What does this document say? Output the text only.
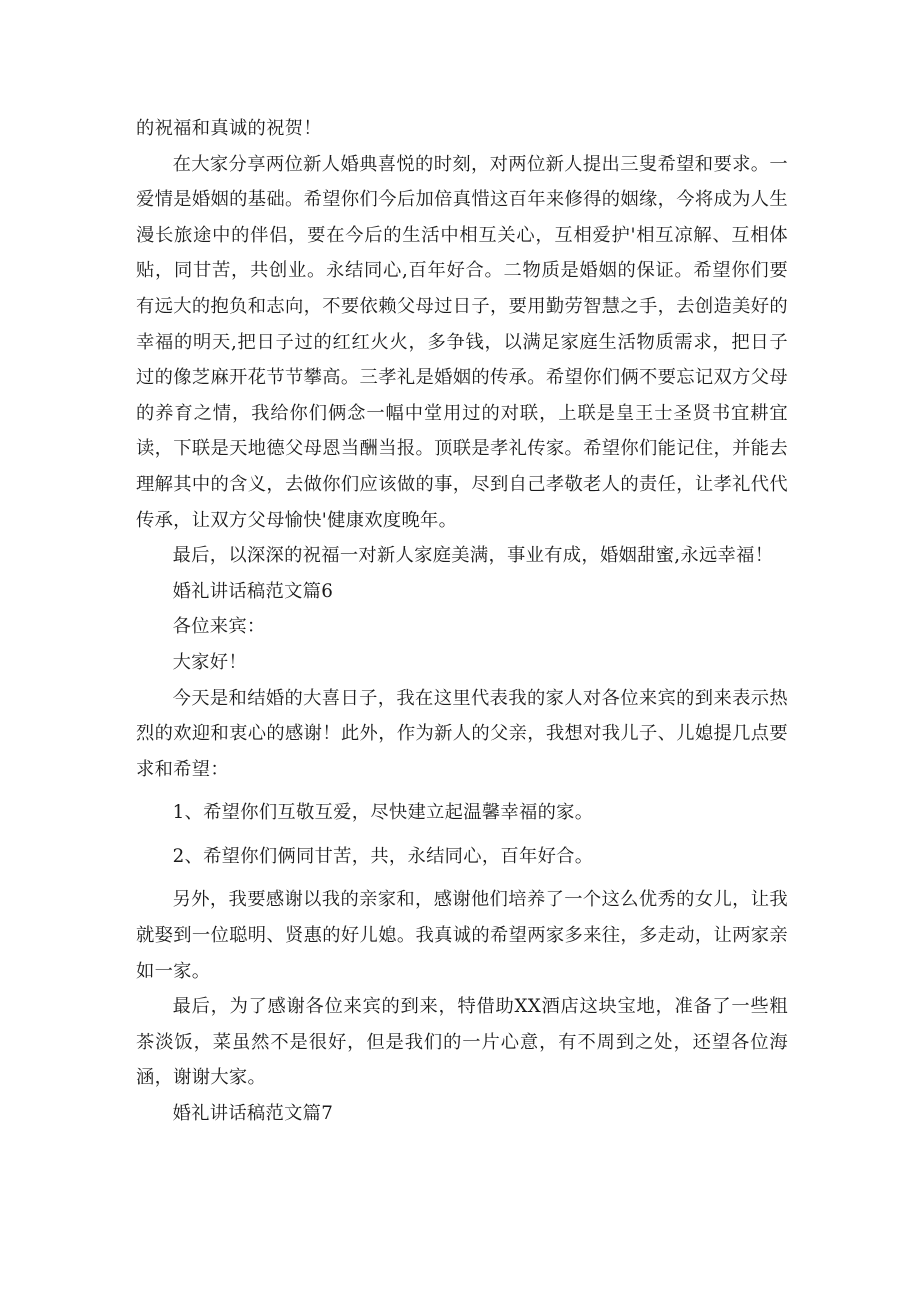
的祝福和真诚的祝贺！

在大家分享两位新人婚典喜悦的时刻，对两位新人提出三叟希望和要求。一爱情是婚姻的基础。希望你们今后加倍真惜这百年来修得的姻缘，今将成为人生漫长旅途中的伴侣，要在今后的生活中相互关心，互相爱护'相互凉解、互相体贴，同甘苦，共创业。永结同心,百年好合。二物质是婚姻的保证。希望你们要有远大的抱负和志向，不要依赖父母过日子，要用勤劳智慧之手，去创造美好的幸福的明天,把日子过的红红火火，多争钱，以满足家庭生活物质需求，把日子过的像芝麻开花节节攀高。三孝礼是婚姻的传承。希望你们俩不要忘记双方父母的养育之情，我给你们俩念一幅中堂用过的对联，上联是皇王士圣贤书宜耕宜读，下联是天地德父母恩当酬当报。顶联是孝礼传家。希望你们能记住，并能去理解其中的含义，去做你们应该做的事，尽到自己孝敬老人的责任，让孝礼代代传承，让双方父母愉快'健康欢度晚年。

最后，以深深的祝福一对新人家庭美满，事业有成，婚姻甜蜜,永远幸福！

婚礼讲话稿范文篇6

各位来宾：

大家好！

今天是和结婚的大喜日子，我在这里代表我的家人对各位来宾的到来表示热烈的欢迎和衷心的感谢！此外，作为新人的父亲，我想对我儿子、儿媳提几点要求和希望：

1、希望你们互敬互爱，尽快建立起温馨幸福的家。

2、希望你们俩同甘苦，共，永结同心，百年好合。

另外，我要感谢以我的亲家和，感谢他们培养了一个这么优秀的女儿，让我就娶到一位聪明、贤惠的好儿媳。我真诚的希望两家多来往，多走动，让两家亲如一家。

最后，为了感谢各位来宾的到来，特借助XX酒店这块宝地，准备了一些粗茶淡饭，菜虽然不是很好，但是我们的一片心意，有不周到之处，还望各位海涵，谢谢大家。

婚礼讲话稿范文篇7
